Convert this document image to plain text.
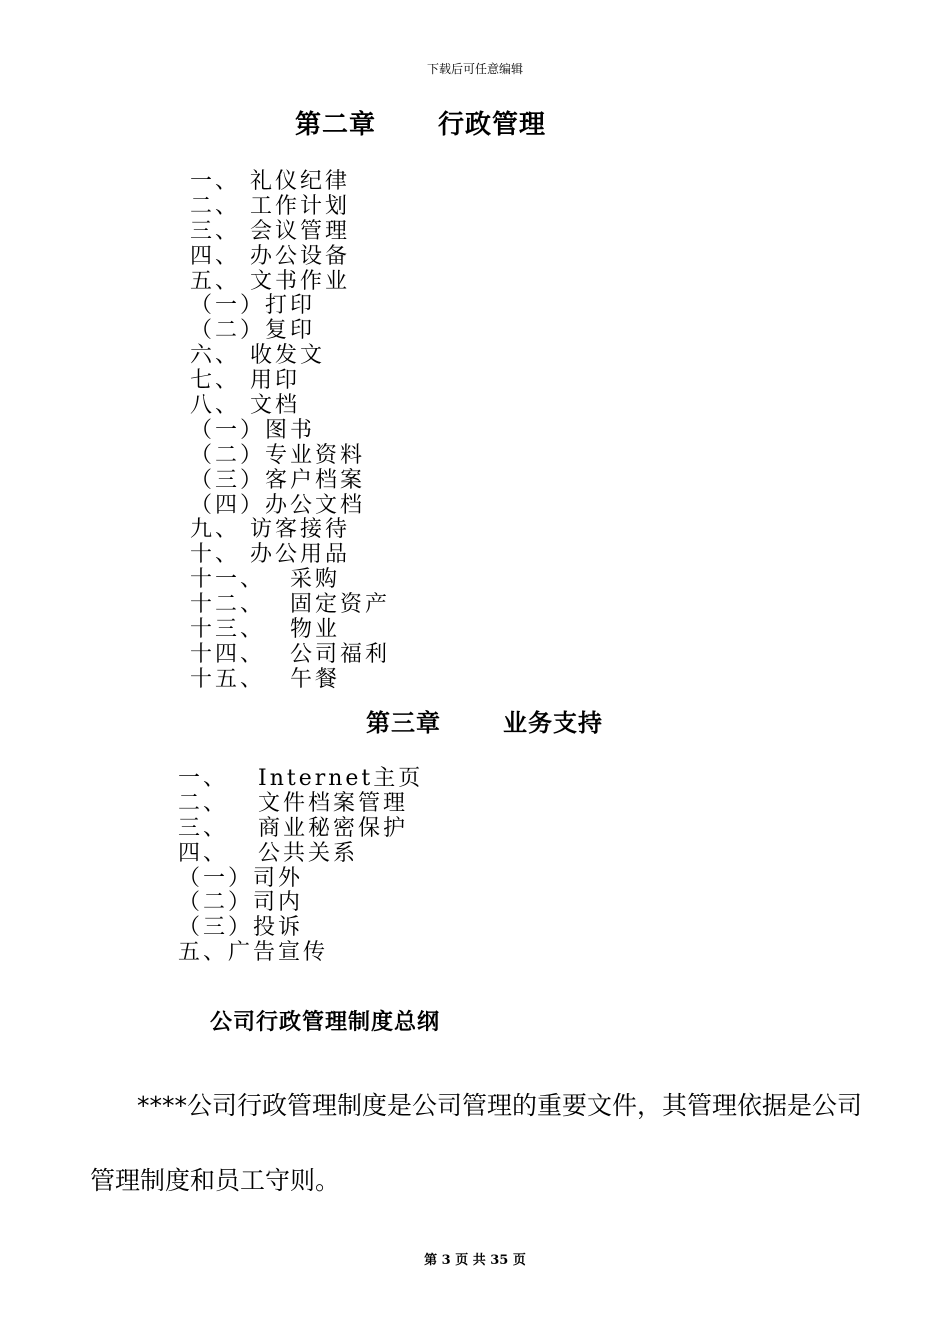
下载后可任意编辑
第二章 行政管理
一、 礼仪纪律
二、 工作计划
三、 会议管理
四、 办公设备
五、 文书作业
（一）打印
（二）复印
六、 收发文
七、 用印
八、 文档
（一）图书
（二）专业资料
（三）客户档案
（四）办公文档
九、 访客接待
十、 办公用品
十一、 采购
十二、 固定资产
十三、 物业
十四、 公司福利
十五、 午餐
第三章	业务支持
一、 Internet主页
二、 文件档案管理
三、 商业秘密保护
四、 公共关系
（一）司外
（二）司内
（三）投诉
五、广告宣传
公司行政管理制度总纲
****公司行政管理制度是公司管理的重要文件，其管理依据是公司
管理制度和员工守则。
第 3 页 共 35 页
